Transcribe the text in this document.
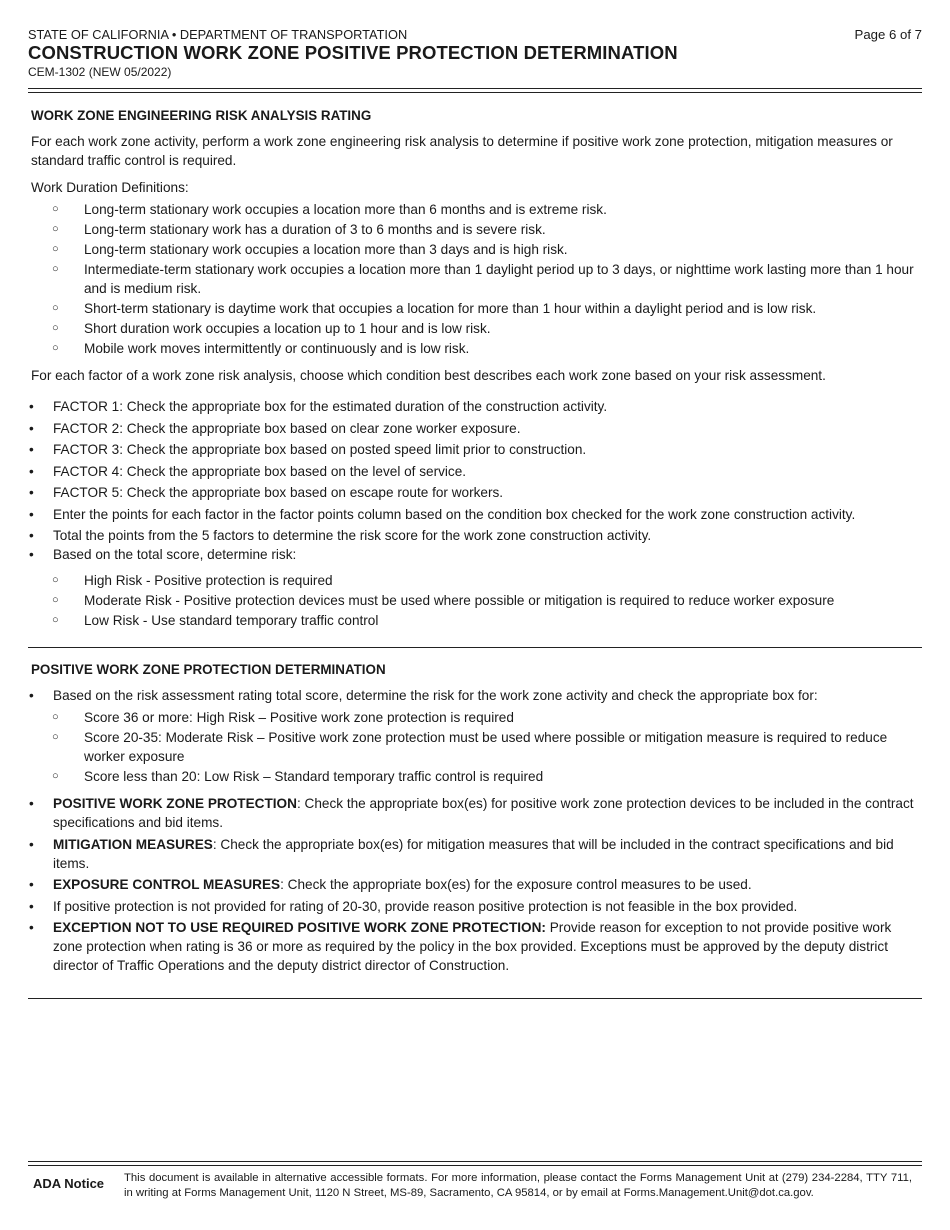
STATE OF CALIFORNIA • DEPARTMENT OF TRANSPORTATION
CONSTRUCTION WORK ZONE POSITIVE PROTECTION DETERMINATION
CEM-1302 (NEW 05/2022)
Page 6 of 7
WORK ZONE ENGINEERING RISK ANALYSIS RATING

For each work zone activity, perform a work zone engineering risk analysis to determine if positive work zone protection, mitigation measures or standard traffic control is required.

Work Duration Definitions:

○ Long-term stationary work occupies a location more than 6 months and is extreme risk.
○ Long-term stationary work has a duration of 3 to 6 months and is severe risk.
○ Long-term stationary work occupies a location more than 3 days and is high risk.
○ Intermediate-term stationary work occupies a location more than 1 daylight period up to 3 days, or nighttime work lasting more than 1 hour and is medium risk.
○ Short-term stationary is daytime work that occupies a location for more than 1 hour within a daylight period and is low risk.
○ Short duration work occupies a location up to 1 hour and is low risk.
○ Mobile work moves intermittently or continuously and is low risk.

For each factor of a work zone risk analysis, choose which condition best describes each work zone based on your risk assessment.

• FACTOR 1: Check the appropriate box for the estimated duration of the construction activity.
• FACTOR 2: Check the appropriate box based on clear zone worker exposure.
• FACTOR 3: Check the appropriate box based on posted speed limit prior to construction.
• FACTOR 4: Check the appropriate box based on the level of service.
• FACTOR 5: Check the appropriate box based on escape route for workers.
• Enter the points for each factor in the factor points column based on the condition box checked for the work zone construction activity.
• Total the points from the 5 factors to determine the risk score for the work zone construction activity.
• Based on the total score, determine risk:
○ High Risk - Positive protection is required
○ Moderate Risk - Positive protection devices must be used where possible or mitigation is required to reduce worker exposure
○ Low Risk - Use standard temporary traffic control
POSITIVE WORK ZONE PROTECTION DETERMINATION
• Based on the risk assessment rating total score, determine the risk for the work zone activity and check the appropriate box for:
○ Score 36 or more: High Risk – Positive work zone protection is required
○ Score 20-35: Moderate Risk – Positive work zone protection must be used where possible or mitigation measure is required to reduce worker exposure
○ Score less than 20: Low Risk – Standard temporary traffic control is required
• POSITIVE WORK ZONE PROTECTION: Check the appropriate box(es) for positive work zone protection devices to be included in the contract specifications and bid items.
• MITIGATION MEASURES: Check the appropriate box(es) for mitigation measures that will be included in the contract specifications and bid items.
• EXPOSURE CONTROL MEASURES: Check the appropriate box(es) for the exposure control measures to be used.
• If positive protection is not provided for rating of 20-30, provide reason positive protection is not feasible in the box provided.
• EXCEPTION NOT TO USE REQUIRED POSITIVE WORK ZONE PROTECTION: Provide reason for exception to not provide positive work zone protection when rating is 36 or more as required by the policy in the box provided. Exceptions must be approved by the deputy district director of Traffic Operations and the deputy district director of Construction.
ADA Notice This document is available in alternative accessible formats. For more information, please contact the Forms Management Unit at (279) 234-2284, TTY 711, in writing at Forms Management Unit, 1120 N Street, MS-89, Sacramento, CA 95814, or by email at Forms.Management.Unit@dot.ca.gov.
